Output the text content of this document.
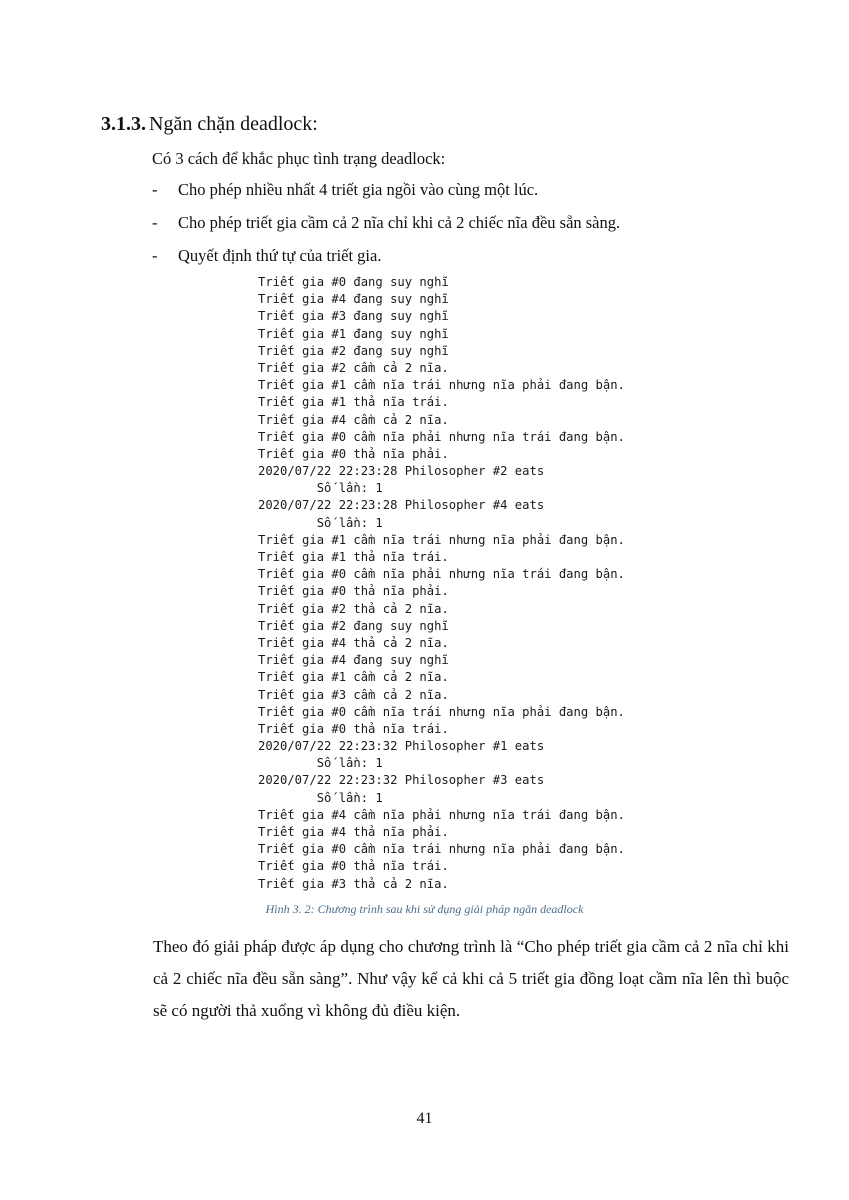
3.1.3. Ngăn chặn deadlock:
Có 3 cách để khắc phục tình trạng deadlock:
-	Cho phép nhiều nhất 4 triết gia ngồi vào cùng một lúc.
-	Cho phép triết gia cầm cả 2 nĩa chỉ khi cả 2 chiếc nĩa đều sẵn sàng.
-	Quyết định thứ tự của triết gia.
Triết gia #0 đang suy nghĩ
Triết gia #4 đang suy nghĩ
Triết gia #3 đang suy nghĩ
Triết gia #1 đang suy nghĩ
Triết gia #2 đang suy nghĩ
Triết gia #2 cầm cả 2 nĩa.
Triết gia #1 cầm nĩa trái nhưng nĩa phải đang bận.
Triết gia #1 thả nĩa trái.
Triết gia #4 cầm cả 2 nĩa.
Triết gia #0 cầm nĩa phải nhưng nĩa trái đang bận.
Triết gia #0 thả nĩa phải.
2020/07/22 22:23:28 Philosopher #2 eats
Số lần: 1
2020/07/22 22:23:28 Philosopher #4 eats
Số lần: 1
Triết gia #1 cầm nĩa trái nhưng nĩa phải đang bận.
Triết gia #1 thả nĩa trái.
Triết gia #0 cầm nĩa phải nhưng nĩa trái đang bận.
Triết gia #0 thả nĩa phải.
Triết gia #2 thả cả 2 nĩa.
Triết gia #2 đang suy nghĩ
Triết gia #4 thả cả 2 nĩa.
Triết gia #4 đang suy nghĩ
Triết gia #1 cầm cả 2 nĩa.
Triết gia #3 cầm cả 2 nĩa.
Triết gia #0 cầm nĩa trái nhưng nĩa phải đang bận.
Triết gia #0 thả nĩa trái.
2020/07/22 22:23:32 Philosopher #1 eats
Số lần: 1
2020/07/22 22:23:32 Philosopher #3 eats
Số lần: 1
Triết gia #4 cầm nĩa phải nhưng nĩa trái đang bận.
Triết gia #4 thả nĩa phải.
Triết gia #0 cầm nĩa trái nhưng nĩa phải đang bận.
Triết gia #0 thả nĩa trái.
Triết gia #3 thả cả 2 nĩa.
Hình 3. 2: Chương trình sau khi sử dụng giải pháp ngăn deadlock

Theo đó giải pháp được áp dụng cho chương trình là “Cho phép triết gia cầm cả 2 nĩa chỉ khi cả 2 chiếc nĩa đều sẵn sàng”. Như vậy kể cả khi cả 5 triết gia đồng loạt cầm nĩa lên thì buộc sẽ có người thả xuống vì không đủ điều kiện.

41
